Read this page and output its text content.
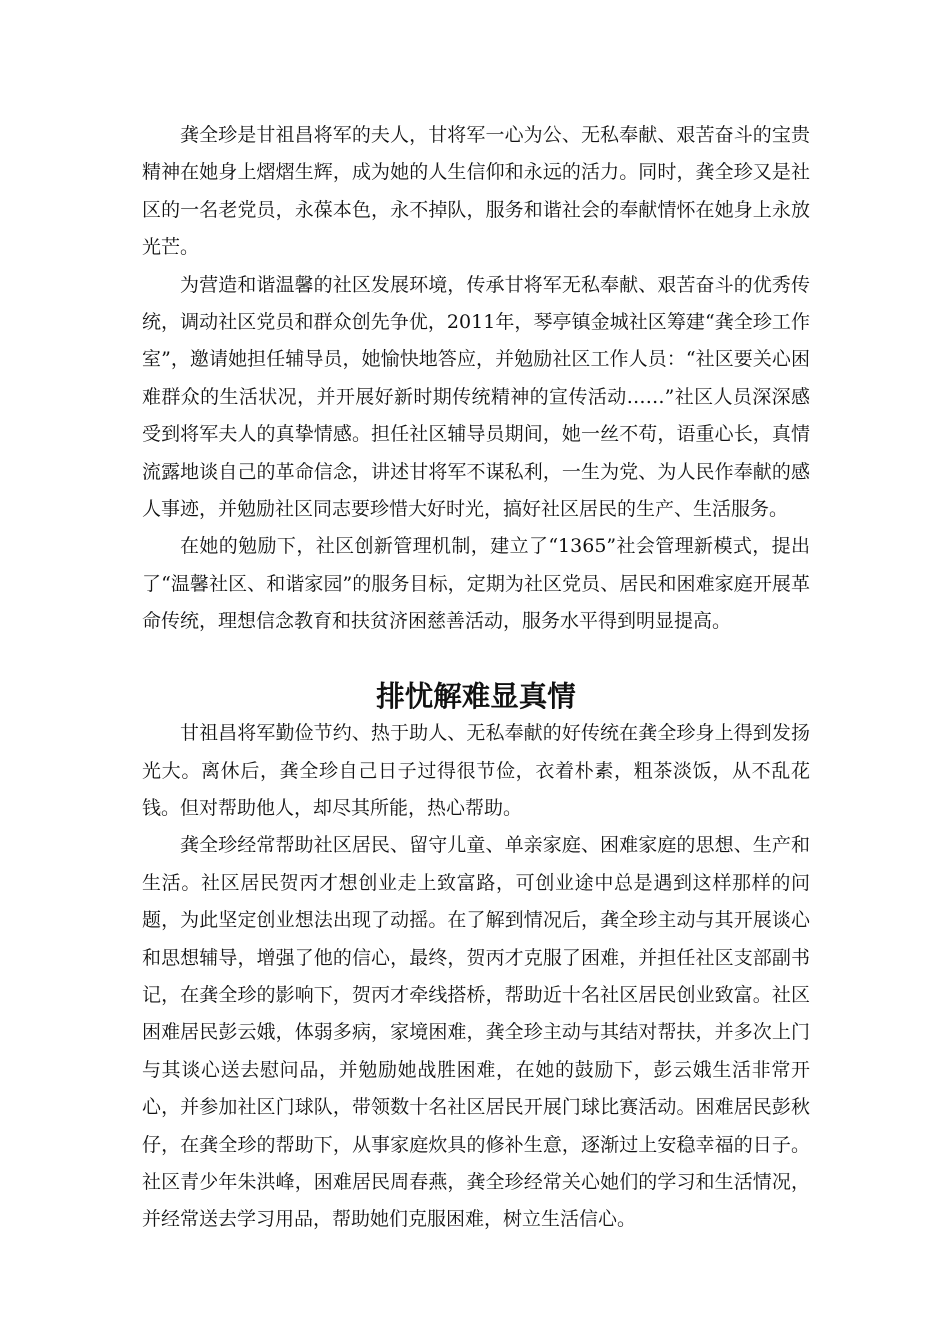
龚全珍是甘祖昌将军的夫人，甘将军一心为公、无私奉献、艰苦奋斗的宝贵精神在她身上熠熠生辉，成为她的人生信仰和永远的活力。同时，龚全珍又是社区的一名老党员，永葆本色，永不掉队，服务和谐社会的奉献情怀在她身上永放光芒。

为营造和谐温馨的社区发展环境，传承甘将军无私奉献、艰苦奋斗的优秀传统，调动社区党员和群众创先争优，2011年，琴亭镇金城社区筹建“龚全珍工作室”，邀请她担任辅导员，她愉快地答应，并勉励社区工作人员：“社区要关心困难群众的生活状况，并开展好新时期传统精神的宣传活动……”社区人员深深感受到将军夫人的真挚情感。担任社区辅导员期间，她一丝不苟，语重心长，真情流露地谈自己的革命信念，讲述甘将军不谋私利，一生为党、为人民作奉献的感人事迹，并勉励社区同志要珍惜大好时光，搞好社区居民的生产、生活服务。

在她的勉励下，社区创新管理机制，建立了“1365”社会管理新模式，提出了“温馨社区、和谐家园”的服务目标，定期为社区党员、居民和困难家庭开展革命传统，理想信念教育和扶贫济困慈善活动，服务水平得到明显提高。

排忧解难显真情

甘祖昌将军勤俭节约、热于助人、无私奉献的好传统在龚全珍身上得到发扬光大。离休后，龚全珍自己日子过得很节俭，衣着朴素，粗茶淡饭，从不乱花钱。但对帮助他人，却尽其所能，热心帮助。

龚全珍经常帮助社区居民、留守儿童、单亲家庭、困难家庭的思想、生产和生活。社区居民贺丙才想创业走上致富路，可创业途中总是遇到这样那样的问题，为此坚定创业想法出现了动摇。在了解到情况后，龚全珍主动与其开展谈心和思想辅导，增强了他的信心，最终，贺丙才克服了困难，并担任社区支部副书记，在龚全珍的影响下，贺丙才牵线搭桥，帮助近十名社区居民创业致富。社区困难居民彭云娥，体弱多病，家境困难，龚全珍主动与其结对帮扶，并多次上门与其谈心送去慰问品，并勉励她战胜困难，在她的鼓励下，彭云娥生活非常开心，并参加社区门球队，带领数十名社区居民开展门球比赛活动。困难居民彭秋仔，在龚全珍的帮助下，从事家庭炊具的修补生意，逐渐过上安稳幸福的日子。社区青少年朱洪峰，困难居民周春燕，龚全珍经常关心她们的学习和生活情况，并经常送去学习用品，帮助她们克服困难，树立生活信心。
